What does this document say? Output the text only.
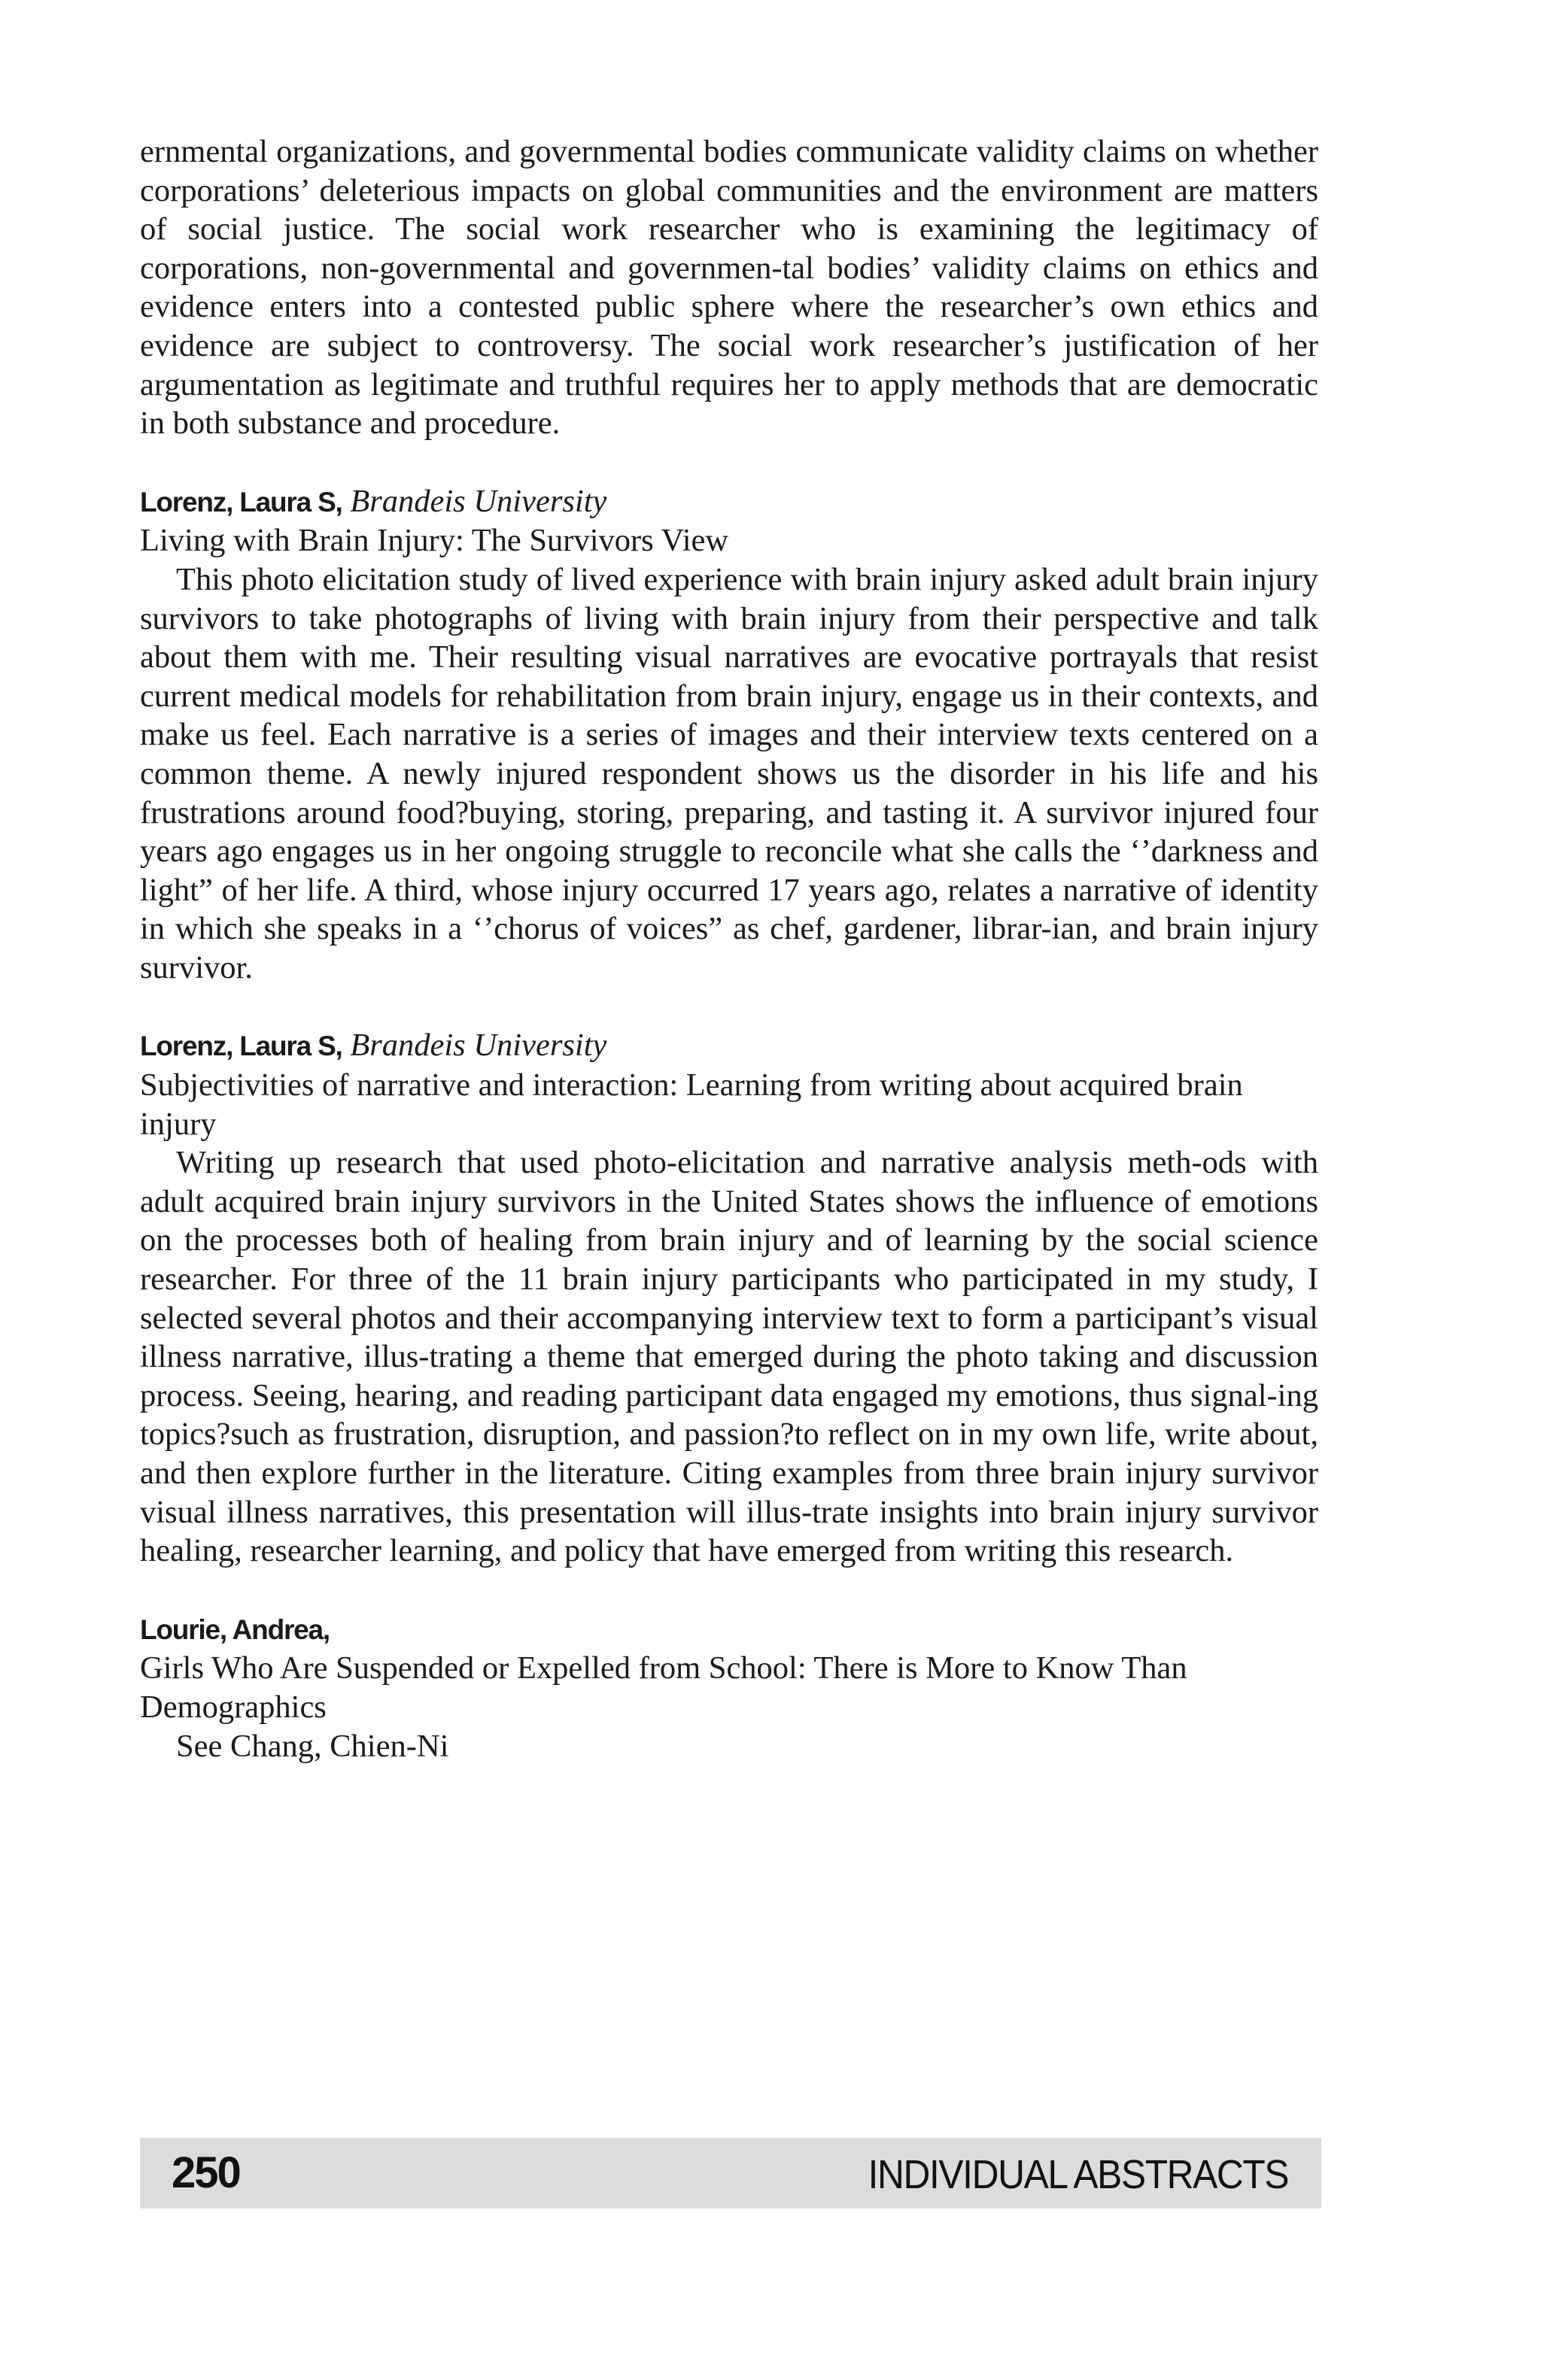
ernmental organizations, and governmental bodies communicate validity claims on whether corporations’ deleterious impacts on global communities and the environment are matters of social justice. The social work researcher who is examining the legitimacy of corporations, non-governmental and governmen-tal bodies’ validity claims on ethics and evidence enters into a contested public sphere where the researcher’s own ethics and evidence are subject to controversy. The social work researcher’s justification of her argumentation as legitimate and truthful requires her to apply methods that are democratic in both substance and procedure.

Lorenz, Laura S, Brandeis University

Living with Brain Injury: The Survivors View

This photo elicitation study of lived experience with brain injury asked adult brain injury survivors to take photographs of living with brain injury from their perspective and talk about them with me. Their resulting visual narratives are evocative portrayals that resist current medical models for rehabilitation from brain injury, engage us in their contexts, and make us feel. Each narrative is a series of images and their interview texts centered on a common theme. A newly injured respondent shows us the disorder in his life and his frustrations around food?buying, storing, preparing, and tasting it. A survivor injured four years ago engages us in her ongoing struggle to reconcile what she calls the ‘’darkness and light” of her life. A third, whose injury occurred 17 years ago, relates a narrative of identity in which she speaks in a ‘’chorus of voices” as chef, gardener, librar-ian, and brain injury survivor.

Lorenz, Laura S, Brandeis University

Subjectivities of narrative and interaction: Learning from writing about acquired brain injury

Writing up research that used photo-elicitation and narrative analysis meth-ods with adult acquired brain injury survivors in the United States shows the influence of emotions on the processes both of healing from brain injury and of learning by the social science researcher. For three of the 11 brain injury participants who participated in my study, I selected several photos and their accompanying interview text to form a participant’s visual illness narrative, illus-trating a theme that emerged during the photo taking and discussion process. Seeing, hearing, and reading participant data engaged my emotions, thus signal-ing topics?such as frustration, disruption, and passion?to reflect on in my own life, write about, and then explore further in the literature. Citing examples from three brain injury survivor visual illness narratives, this presentation will illus-trate insights into brain injury survivor healing, researcher learning, and policy that have emerged from writing this research.

Lourie, Andrea,

Girls Who Are Suspended or Expelled from School: There is More to Know Than Demographics

See Chang, Chien-Ni

250	INDIVIDUAL ABSTRACTS
